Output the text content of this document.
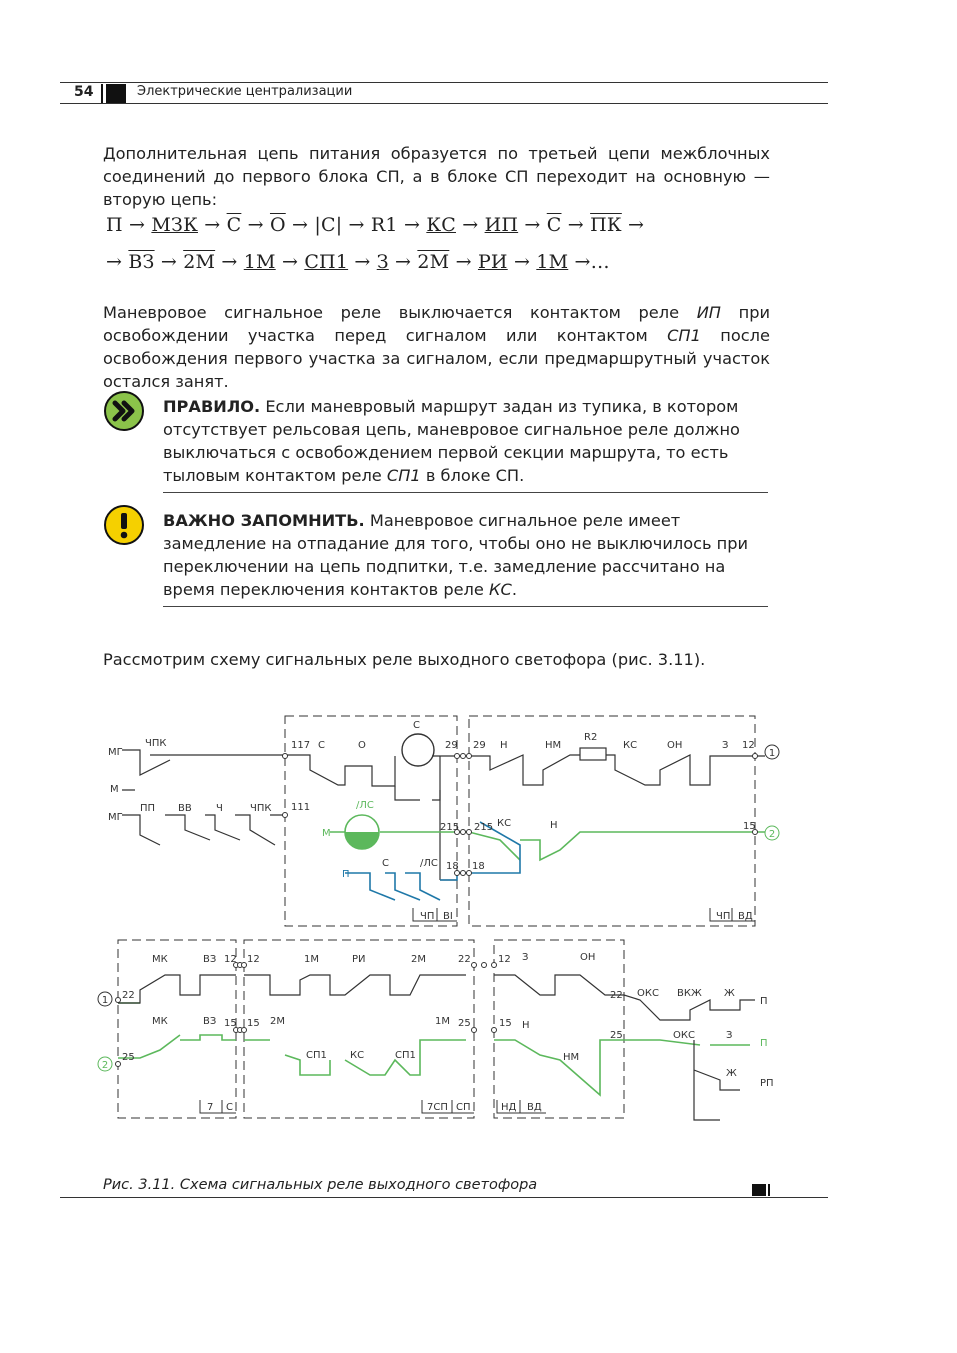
54	Электрические централизации
Дополнительная цепь питания образуется по третьей цепи межблочных соединений до первого блока СП, а в блоке СП переходит на основную — вторую цепь:
П → МЗК → С → О → |С| → R1 → КС → ИП → С → ПК →
→ ВЗ → 2М → 1М → СП1 → З → 2М → РИ → 1М →…
Маневровое сигнальное реле выключается контактом реле ИП при освобождении участка перед сигналом или контактом СП1 после освобождения первого участка за сигналом, если предмаршрутный участок остался занят.
ПРАВИЛО. Если маневровый маршрут задан из тупика, в котором отсутствует рельсовая цепь, маневровое сигнальное реле должно выключаться с освобождением первой секции маршрута, то есть тыловым контактом реле СП1 в блоке СП.
ВАЖНО ЗАПОМНИТЬ. Маневровое сигнальное реле имеет замедление на отпадание для того, чтобы оно не выключилось при переключении на цепь подпитки, т.е. замедление рассчитано на время переключения контактов реле КС.
Рассмотрим схему сигнальных реле выходного светофора (рис. 3.11).
1
2
1
2
МГ
ЧПК
М
МГ
ПП ВВ Ч	ЧПК
117 С	О
С
29 29 Н	НМ
R2
КС	ОН	З 12
111	/ЛС
М
215 215 КС	Н	15
П
С	/ЛС 18 18
ЧП ВI	ЧП ВД
МК	ВЗ 12 12	1М	РИ	2М	22	12 З	ОН
22	22 ОКС ВКЖ Ж
П
МК	ВЗ 15 15 2М	1М 25	15 Н
25	ОКС	З
П
25	СП1 КС	СП1	НМ
Ж
РП
7 С	7СП СП	НД ВД
Рис. 3.11. Схема сигнальных реле выходного светофора
